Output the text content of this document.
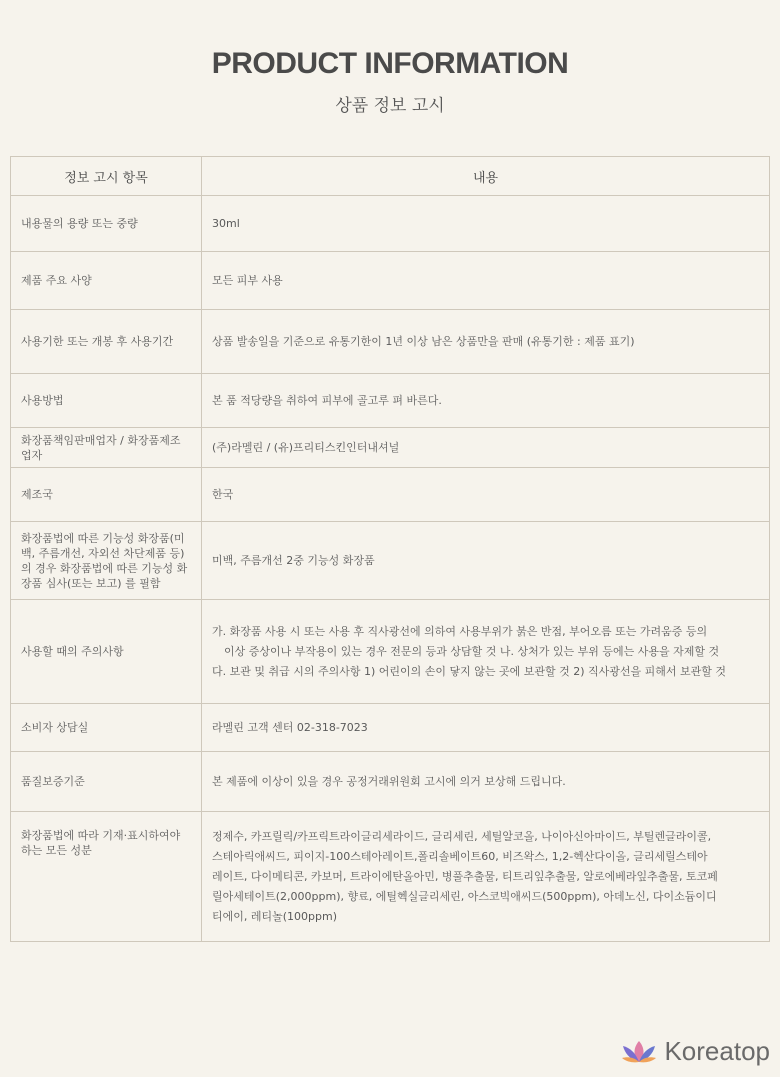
PRODUCT INFORMATION
상품 정보 고시
정보 고시 항목	내용
내용물의 용량 또는 중량	30ml
제품 주요 사양	모든 피부 사용
사용기한 또는 개봉 후 사용기간	상품 발송일을 기준으로 유통기한이 1년 이상 남은 상품만을 판매 (유통기한 : 제품 표기)
사용방법	본 품 적당량을 취하여 피부에 골고루 펴 바른다.
화장품책임판매업자 / 화장품제조업자	(주)라멜린 / (유)프리티스킨인터내셔널
제조국	한국
화장품법에 따른 기능성 화장품(미백, 주름개선, 자외선 차단제품 등)의 경우 화장품법에 따른 기능성 화장품 심사(또는 보고) 를 필함	미백, 주름개선 2중 기능성 화장품
사용할 때의 주의사항	가. 화장품 사용 시 또는 사용 후 직사광선에 의하여 사용부위가 붉은 반점, 부어오름 또는 가려움증 등의
이상 증상이나 부작용이 있는 경우 전문의 등과 상담할 것 나. 상처가 있는 부위 등에는 사용을 자제할 것
다. 보관 및 취급 시의 주의사항 1) 어린이의 손이 닿지 않는 곳에 보관할 것 2) 직사광선을 피해서 보관할 것

소비자 상담실	라멜린 고객 센터 02-318-7023
품질보증기준	본 제품에 이상이 있을 경우 공정거래위원회 고시에 의거 보상해 드립니다.
화장품법에 따라 기재·표시하여야 하는 모든 성분	정제수, 카프릴릭/카프릭트라이글리세라이드, 글리세린, 세틸알코올, 나이아신아마이드, 부틸렌글라이콜,
스테아릭애씨드, 피이지-100스테아레이트,폴리솔베이트60, 비즈왁스, 1,2-헥산다이올, 글리세릴스테아
레이트, 다이메티콘, 카보머, 트라이에탄올아민, 병풀추출물, 티트리잎추출물, 알로에베라잎추출물, 토코페
릴아세테이트(2,000ppm), 향료, 에틸헥실글리세린, 아스코빅애씨드(500ppm), 아데노신, 다이소듐이디
티에이, 레티놀(100ppm)
Koreatop
